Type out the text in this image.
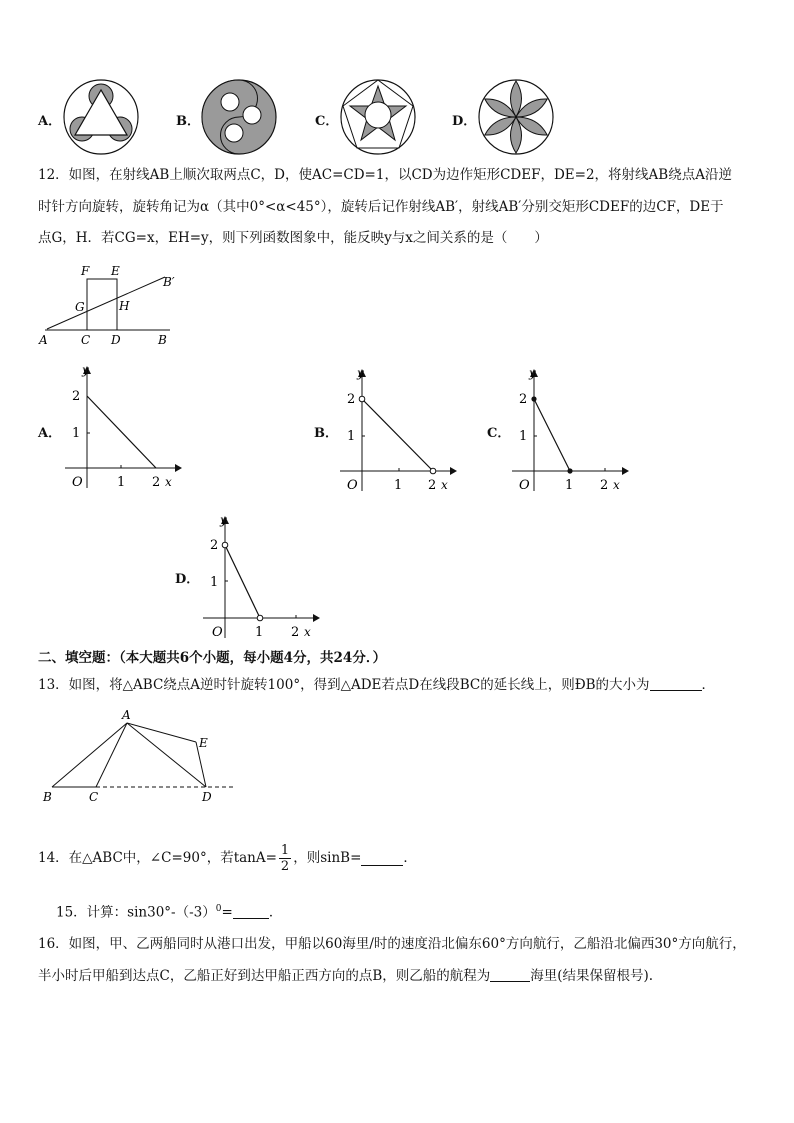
A．	B．	C．	D．
12．如图，在射线AB上顺次取两点C，D，使AC=CD=1，以CD为边作矩形CDEF，DE=2，将射线AB绕点A沿逆
时针方向旋转，旋转角记为α（其中0°<α<45°），旋转后记作射线AB′，射线AB′分别交矩形CDEF的边CF，DE于
点G，H．若CG=x，EH=y，则下列函数图象中，能反映y与x之间关系的是（　　）
F E
B′
G	H
A	C D	B
A．
y
2
1
O	1 2 x
B．
y
2
1
O	1 2 x
C．
y
2
1
O	1 2 x
D．
y
2
1
O 1 2 x
二、填空题：（本大题共6个小题，每小题4分，共24分．）
13．如图，将△ABC绕点A逆时针旋转100°，得到△ADE若点D在线段BC的延长线上，则ÐB的大小为	．
A
E
B	C	D
14．在△ABC中，∠C=90°，若$\tan A= \frac{1}{2}$ ，则sinB=	．
15．计算：$\sin 30^\circ-(-3)^0=$	．
16．如图，甲、乙两船同时从港口出发，甲船以60海里/时的速度沿北偏东60°方向航行，乙船沿北偏西30°方向航行，
半小时后甲船到达点C，乙船正好到达甲船正西方向的点B，则乙船的航程为	海里(结果保留根号).
